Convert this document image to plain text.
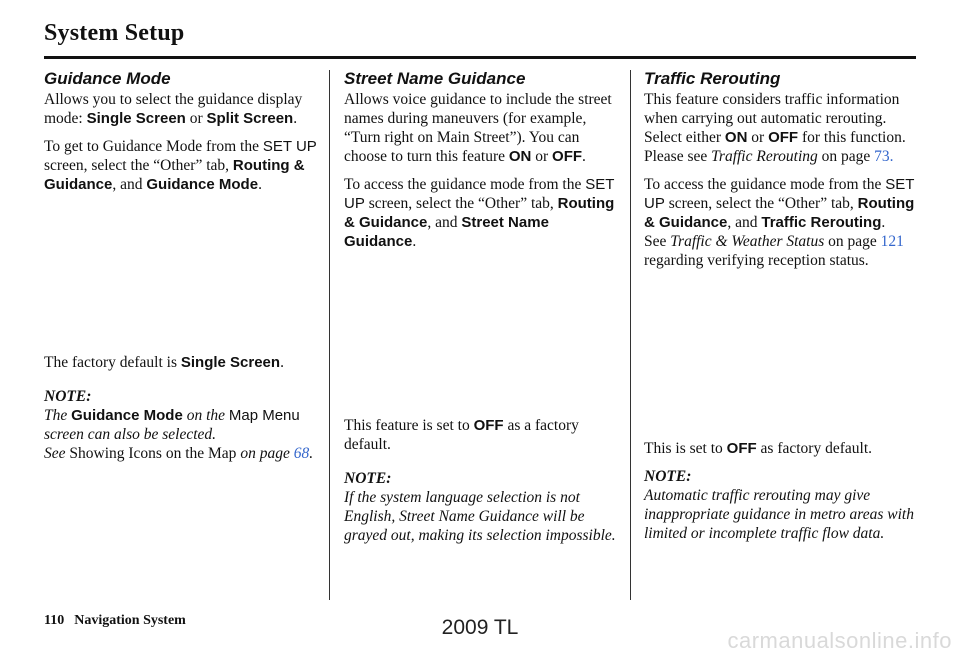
System Setup
Guidance Mode

Allows you to select the guidance display mode: Single Screen or Split Screen.

To get to Guidance Mode from the SET UP screen, select the “Other” tab, Routing & Guidance, and Guidance Mode.

The factory default is Single Screen.

NOTE:
The Guidance Mode on the Map Menu screen can also be selected.
See Showing Icons on the Map on page 68.
Street Name Guidance

Allows voice guidance to include the street names during maneuvers (for example, “Turn right on Main Street”). You can choose to turn this feature ON or OFF.

To access the guidance mode from the SET UP screen, select the “Other” tab, Routing & Guidance, and Street Name Guidance.

This feature is set to OFF as a factory default.

NOTE:
If the system language selection is not English, Street Name Guidance will be grayed out, making its selection impossible.
Traffic Rerouting

This feature considers traffic information when carrying out automatic rerouting. Select either ON or OFF for this function. Please see Traffic Rerouting on page 73.

To access the guidance mode from the SET UP screen, select the “Other” tab, Routing & Guidance, and Traffic Rerouting.

See Traffic & Weather Status on page 121 regarding verifying reception status.

This is set to OFF as factory default.

NOTE:
Automatic traffic rerouting may give inappropriate guidance in metro areas with limited or incomplete traffic flow data.
110 Navigation System	2009 TL
carmanualsonline.info
